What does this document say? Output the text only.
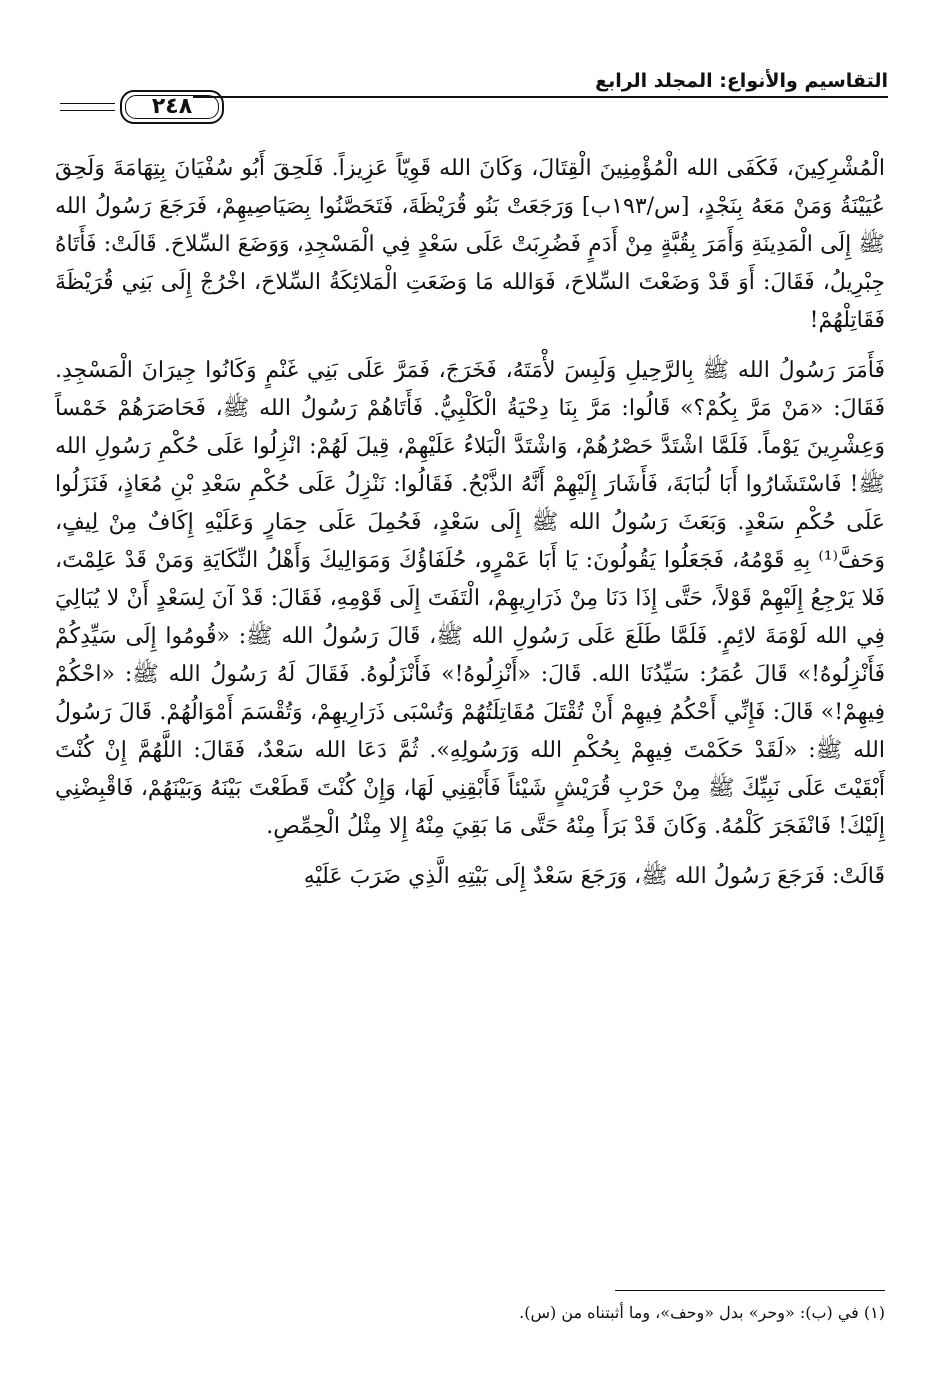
التقاسيم والأنواع: المجلد الرابع
٢٤٨

الْمُشْرِكِينَ، فَكَفَى الله الْمُؤْمِنِينَ الْقِتَالَ، وَكَانَ الله قَوِيّاً عَزِيزاً. فَلَحِقَ أَبُو سُفْيَانَ بِتِهَامَةَ وَلَحِقَ عُيَيْنَةُ وَمَنْ مَعَهُ بِنَجْدٍ، [س/١٩٣ب] وَرَجَعَتْ بَنُو قُرَيْظَةَ، فَتَحَصَّنُوا بِصَيَاصِيهِمْ، فَرَجَعَ رَسُولُ الله ﷺ إِلَى الْمَدِينَةِ وَأَمَرَ بِقُبَّةٍ مِنْ أَدَمٍ فَضُرِبَتْ عَلَى سَعْدٍ فِي الْمَسْجِدِ، وَوَضَعَ السِّلاحَ. قَالَتْ: فَأَتَاهُ جِبْرِيلُ، فَقَالَ: أَوَ قَدْ وَضَعْتَ السِّلاحَ، فَوَالله مَا وَضَعَتِ الْمَلائِكَةُ السِّلاحَ، اخْرُجْ إِلَى بَنِي قُرَيْظَةَ فَقَاتِلْهُمْ!

فَأَمَرَ رَسُولُ الله ﷺ بِالرَّحِيلِ وَلَبِسَ لأْمَتَهُ، فَخَرَجَ، فَمَرَّ عَلَى بَنِي غَنْمٍ وَكَانُوا جِيرَانَ الْمَسْجِدِ. فَقَالَ: «مَنْ مَرَّ بِكُمْ؟» قَالُوا: مَرَّ بِنَا دِحْيَةُ الْكَلْبِيُّ. فَأَتَاهُمْ رَسُولُ الله ﷺ، فَحَاصَرَهُمْ خَمْساً وَعِشْرِينَ يَوْماً. فَلَمَّا اشْتَدَّ حَصْرُهُمْ، وَاشْتَدَّ الْبَلاءُ عَلَيْهِمْ، قِيلَ لَهُمْ: انْزِلُوا عَلَى حُكْمِ رَسُولِ الله ﷺ! فَاسْتَشَارُوا أَبَا لُبَابَةَ، فَأَشَارَ إِلَيْهِمْ أَنَّهُ الذَّبْحُ. فَقَالُوا: نَنْزِلُ عَلَى حُكْمِ سَعْدِ بْنِ مُعَاذٍ، فَنَزَلُوا عَلَى حُكْمِ سَعْدٍ. وَبَعَثَ رَسُولُ الله ﷺ إِلَى سَعْدٍ، فَحُمِلَ عَلَى حِمَارٍ وَعَلَيْهِ إِكَافٌ مِنْ لِيفٍ، وَحَفَّ⁽¹⁾ بِهِ قَوْمُهُ، فَجَعَلُوا يَقُولُونَ: يَا أَبَا عَمْرٍو، حُلَفَاؤُكَ وَمَوَالِيكَ وَأَهْلُ النِّكَايَةِ وَمَنْ قَدْ عَلِمْتَ، فَلا يَرْجِعُ إِلَيْهِمْ قَوْلاً، حَتَّى إِذَا دَنَا مِنْ ذَرَارِيهِمْ، الْتَفَتَ إِلَى قَوْمِهِ، فَقَالَ: قَدْ آنَ لِسَعْدٍ أَنْ لا يُبَالِيَ فِي الله لَوْمَةَ لائِمٍ. فَلَمَّا طَلَعَ عَلَى رَسُولِ الله ﷺ، قَالَ رَسُولُ الله ﷺ: «قُومُوا إِلَى سَيِّدِكُمْ فَأَنْزِلُوهُ!» قَالَ عُمَرُ: سَيِّدُنَا الله. قَالَ: «أَنْزِلُوهُ!» فَأَنْزَلُوهُ. فَقَالَ لَهُ رَسُولُ الله ﷺ: «احْكُمْ فِيهِمْ!» قَالَ: فَإِنِّي أَحْكُمُ فِيهِمْ أَنْ تُقْتَلَ مُقَاتِلَتُهُمْ وَتُسْبَى ذَرَارِيهِمْ، وَتُقْسَمَ أَمْوَالُهُمْ. قَالَ رَسُولُ الله ﷺ: «لَقَدْ حَكَمْتَ فِيهِمْ بِحُكْمِ الله وَرَسُولِهِ». ثُمَّ دَعَا الله سَعْدٌ، فَقَالَ: اللَّهُمَّ إِنْ كُنْتَ أَبْقَيْتَ عَلَى نَبِيِّكَ ﷺ مِنْ حَرْبِ قُرَيْشٍ شَيْئاً فَأَبْقِنِي لَهَا، وَإِنْ كُنْتَ قَطَعْتَ بَيْنَهُ وَبَيْنَهُمْ، فَاقْبِضْنِي إِلَيْكَ! فَانْفَجَرَ كَلْمُهُ. وَكَانَ قَدْ بَرَأَ مِنْهُ حَتَّى مَا بَقِيَ مِنْهُ إِلا مِثْلُ الْحِمِّصِ.

قَالَتْ: فَرَجَعَ رَسُولُ الله ﷺ، وَرَجَعَ سَعْدٌ إِلَى بَيْتِهِ الَّذِي ضَرَبَ عَلَيْهِ

(١) في (ب): «وحر» بدل «وحف»، وما أثبتناه من (س).
